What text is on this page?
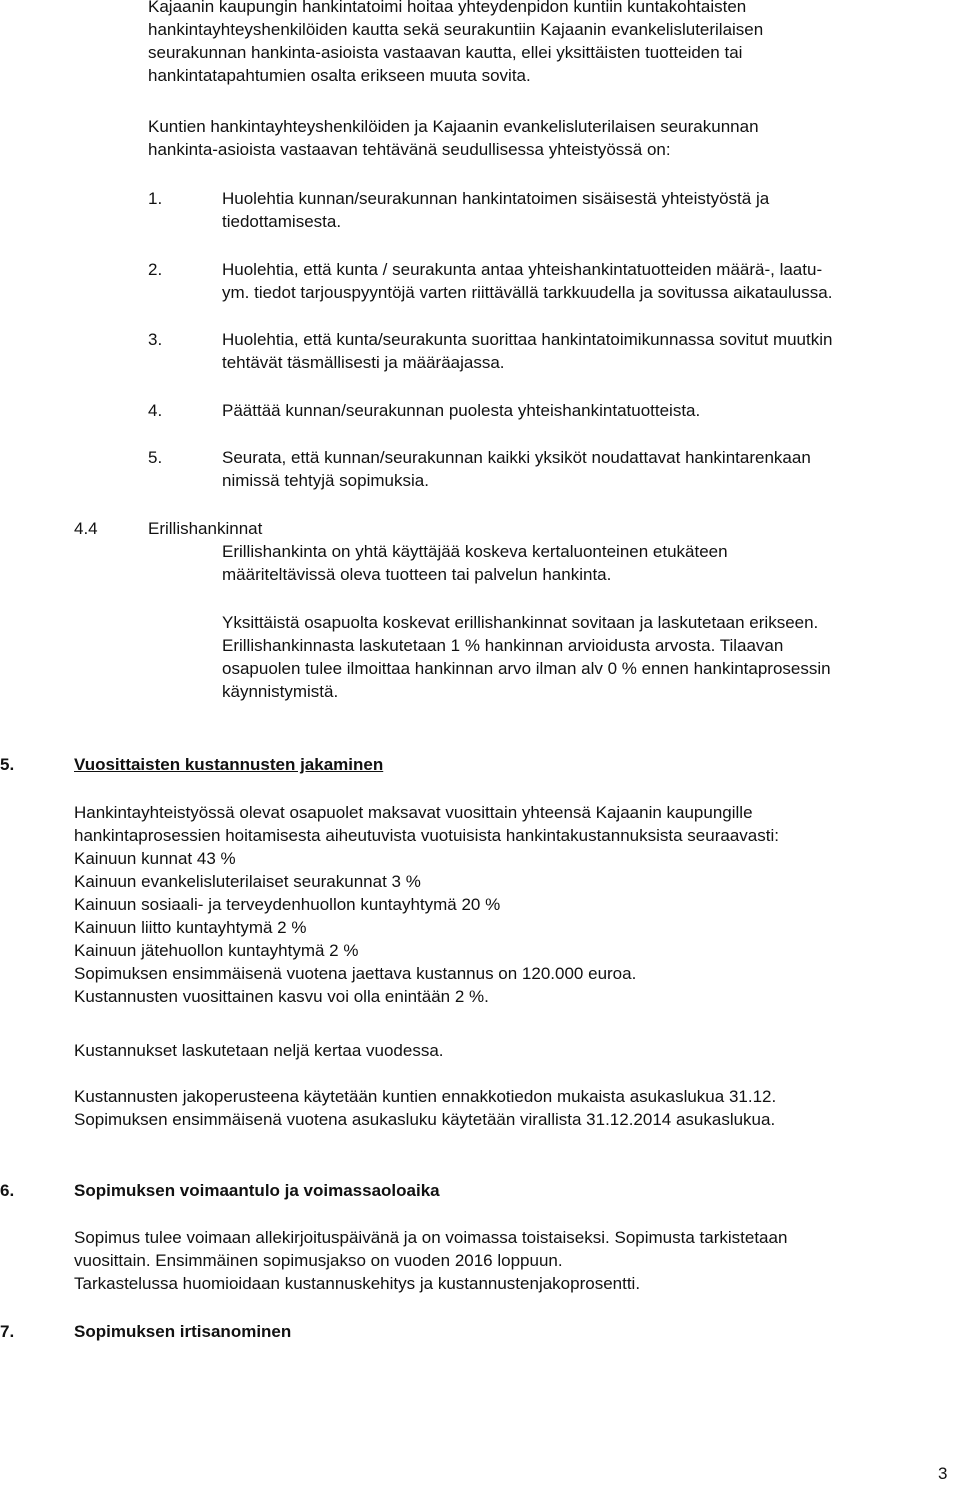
Kajaanin kaupungin hankintatoimi hoitaa yhteydenpidon kuntiin kuntakohtaisten
hankintayhteyshenkilöiden kautta sekä seurakuntiin Kajaanin evankelisluterilaisen
seurakunnan hankinta-asioista vastaavan kautta, ellei yksittäisten tuotteiden tai
hankintatapahtumien osalta erikseen muuta sovita.
Kuntien hankintayhteyshenkilöiden ja Kajaanin evankelisluterilaisen seurakunnan
hankinta-asioista vastaavan tehtävänä seudullisessa yhteistyössä on:
1.	Huolehtia kunnan/seurakunnan hankintatoimen sisäisestä yhteistyöstä ja
tiedottamisesta.
2.	Huolehtia, että kunta / seurakunta antaa yhteishankintatuotteiden määrä-, laatu-
ym. tiedot tarjouspyyntöjä varten riittävällä tarkkuudella ja sovitussa aikataulussa.
3.	Huolehtia, että kunta/seurakunta suorittaa hankintatoimikunnassa sovitut muutkin
tehtävät täsmällisesti ja määräajassa.
4.	Päättää kunnan/seurakunnan puolesta yhteishankintatuotteista.
5.	Seurata, että kunnan/seurakunnan kaikki yksiköt noudattavat hankintarenkaan
nimissä tehtyjä sopimuksia.
4.4	Erillishankinnat
Erillishankinta on yhtä käyttäjää koskeva kertaluonteinen etukäteen
määriteltävissä oleva tuotteen tai palvelun hankinta.
Yksittäistä osapuolta koskevat erillishankinnat sovitaan ja laskutetaan erikseen.
Erillishankinnasta laskutetaan 1 % hankinnan arvioidusta arvosta. Tilaavan
osapuolen tulee ilmoittaa hankinnan arvo ilman alv 0 % ennen hankintaprosessin
käynnistymistä.
5.	Vuosittaisten kustannusten jakaminen
Hankintayhteistyössä olevat osapuolet maksavat vuosittain yhteensä Kajaanin kaupungille
hankintaprosessien hoitamisesta aiheutuvista vuotuisista hankintakustannuksista seuraavasti:
Kainuun kunnat 43 %
Kainuun evankelisluterilaiset seurakunnat 3 %
Kainuun sosiaali- ja terveydenhuollon kuntayhtymä 20 %
Kainuun liitto kuntayhtymä 2 %
Kainuun jätehuollon kuntayhtymä 2 %
Sopimuksen ensimmäisenä vuotena jaettava kustannus on 120.000 euroa.
Kustannusten vuosittainen kasvu voi olla enintään 2 %.
Kustannukset laskutetaan neljä kertaa vuodessa.
Kustannusten jakoperusteena käytetään kuntien ennakkotiedon mukaista asukaslukua 31.12.
Sopimuksen ensimmäisenä vuotena asukasluku käytetään virallista 31.12.2014 asukaslukua.
6.	Sopimuksen voimaantulo ja voimassaoloaika
Sopimus tulee voimaan allekirjoituspäivänä ja on voimassa toistaiseksi. Sopimusta tarkistetaan
vuosittain. Ensimmäinen sopimusjakso on vuoden 2016 loppuun.
Tarkastelussa huomioidaan kustannuskehitys ja kustannustenjakoprosentti.
7.	Sopimuksen irtisanominen
3
